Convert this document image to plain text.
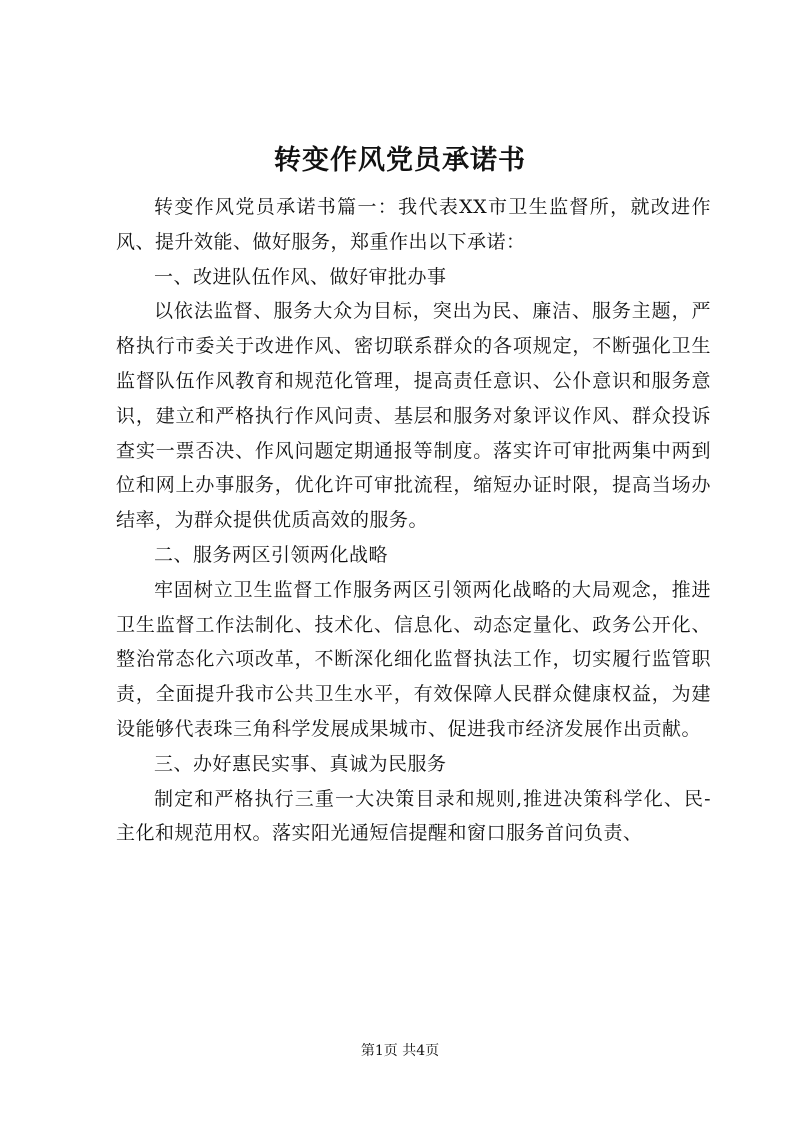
转变作风党员承诺书

转变作风党员承诺书篇一：我代表XX市卫生监督所，就改进作风、提升效能、做好服务，郑重作出以下承诺：

一、改进队伍作风、做好审批办事

以依法监督、服务大众为目标，突出为民、廉洁、服务主题，严格执行市委关于改进作风、密切联系群众的各项规定，不断强化卫生监督队伍作风教育和规范化管理，提高责任意识、公仆意识和服务意识，建立和严格执行作风问责、基层和服务对象评议作风、群众投诉查实一票否决、作风问题定期通报等制度。落实许可审批两集中两到位和网上办事服务，优化许可审批流程，缩短办证时限，提高当场办结率，为群众提供优质高效的服务。

二、服务两区引领两化战略

牢固树立卫生监督工作服务两区引领两化战略的大局观念，推进卫生监督工作法制化、技术化、信息化、动态定量化、政务公开化、整治常态化六项改革，不断深化细化监督执法工作，切实履行监管职责，全面提升我市公共卫生水平，有效保障人民群众健康权益，为建设能够代表珠三角科学发展成果城市、促进我市经济发展作出贡献。

三、办好惠民实事、真诚为民服务

制定和严格执行三重一大决策目录和规则,推进决策科学化、民-主化和规范用权。落实阳光通短信提醒和窗口服务首问负责、

第1页 共4页
